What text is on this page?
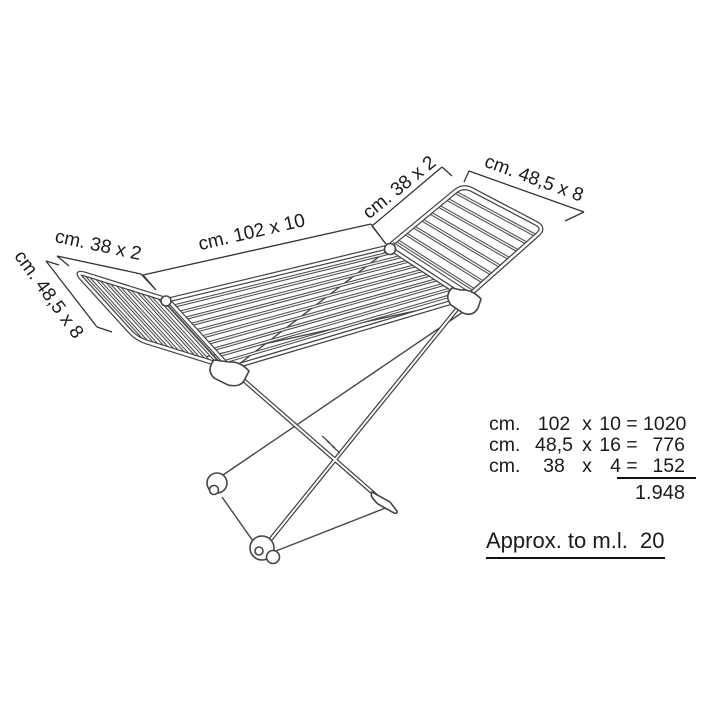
cm. 102 x 10
cm. 38 x 2 cm. 48,5 x 8
cm. 38 x 2
cm. 48,5 x 8
cm. 102 x 10 = 1020
cm. 48,5 x 16 = 776
cm.	38 x 4 = 152
1.948
Approx. to m.l.  20
